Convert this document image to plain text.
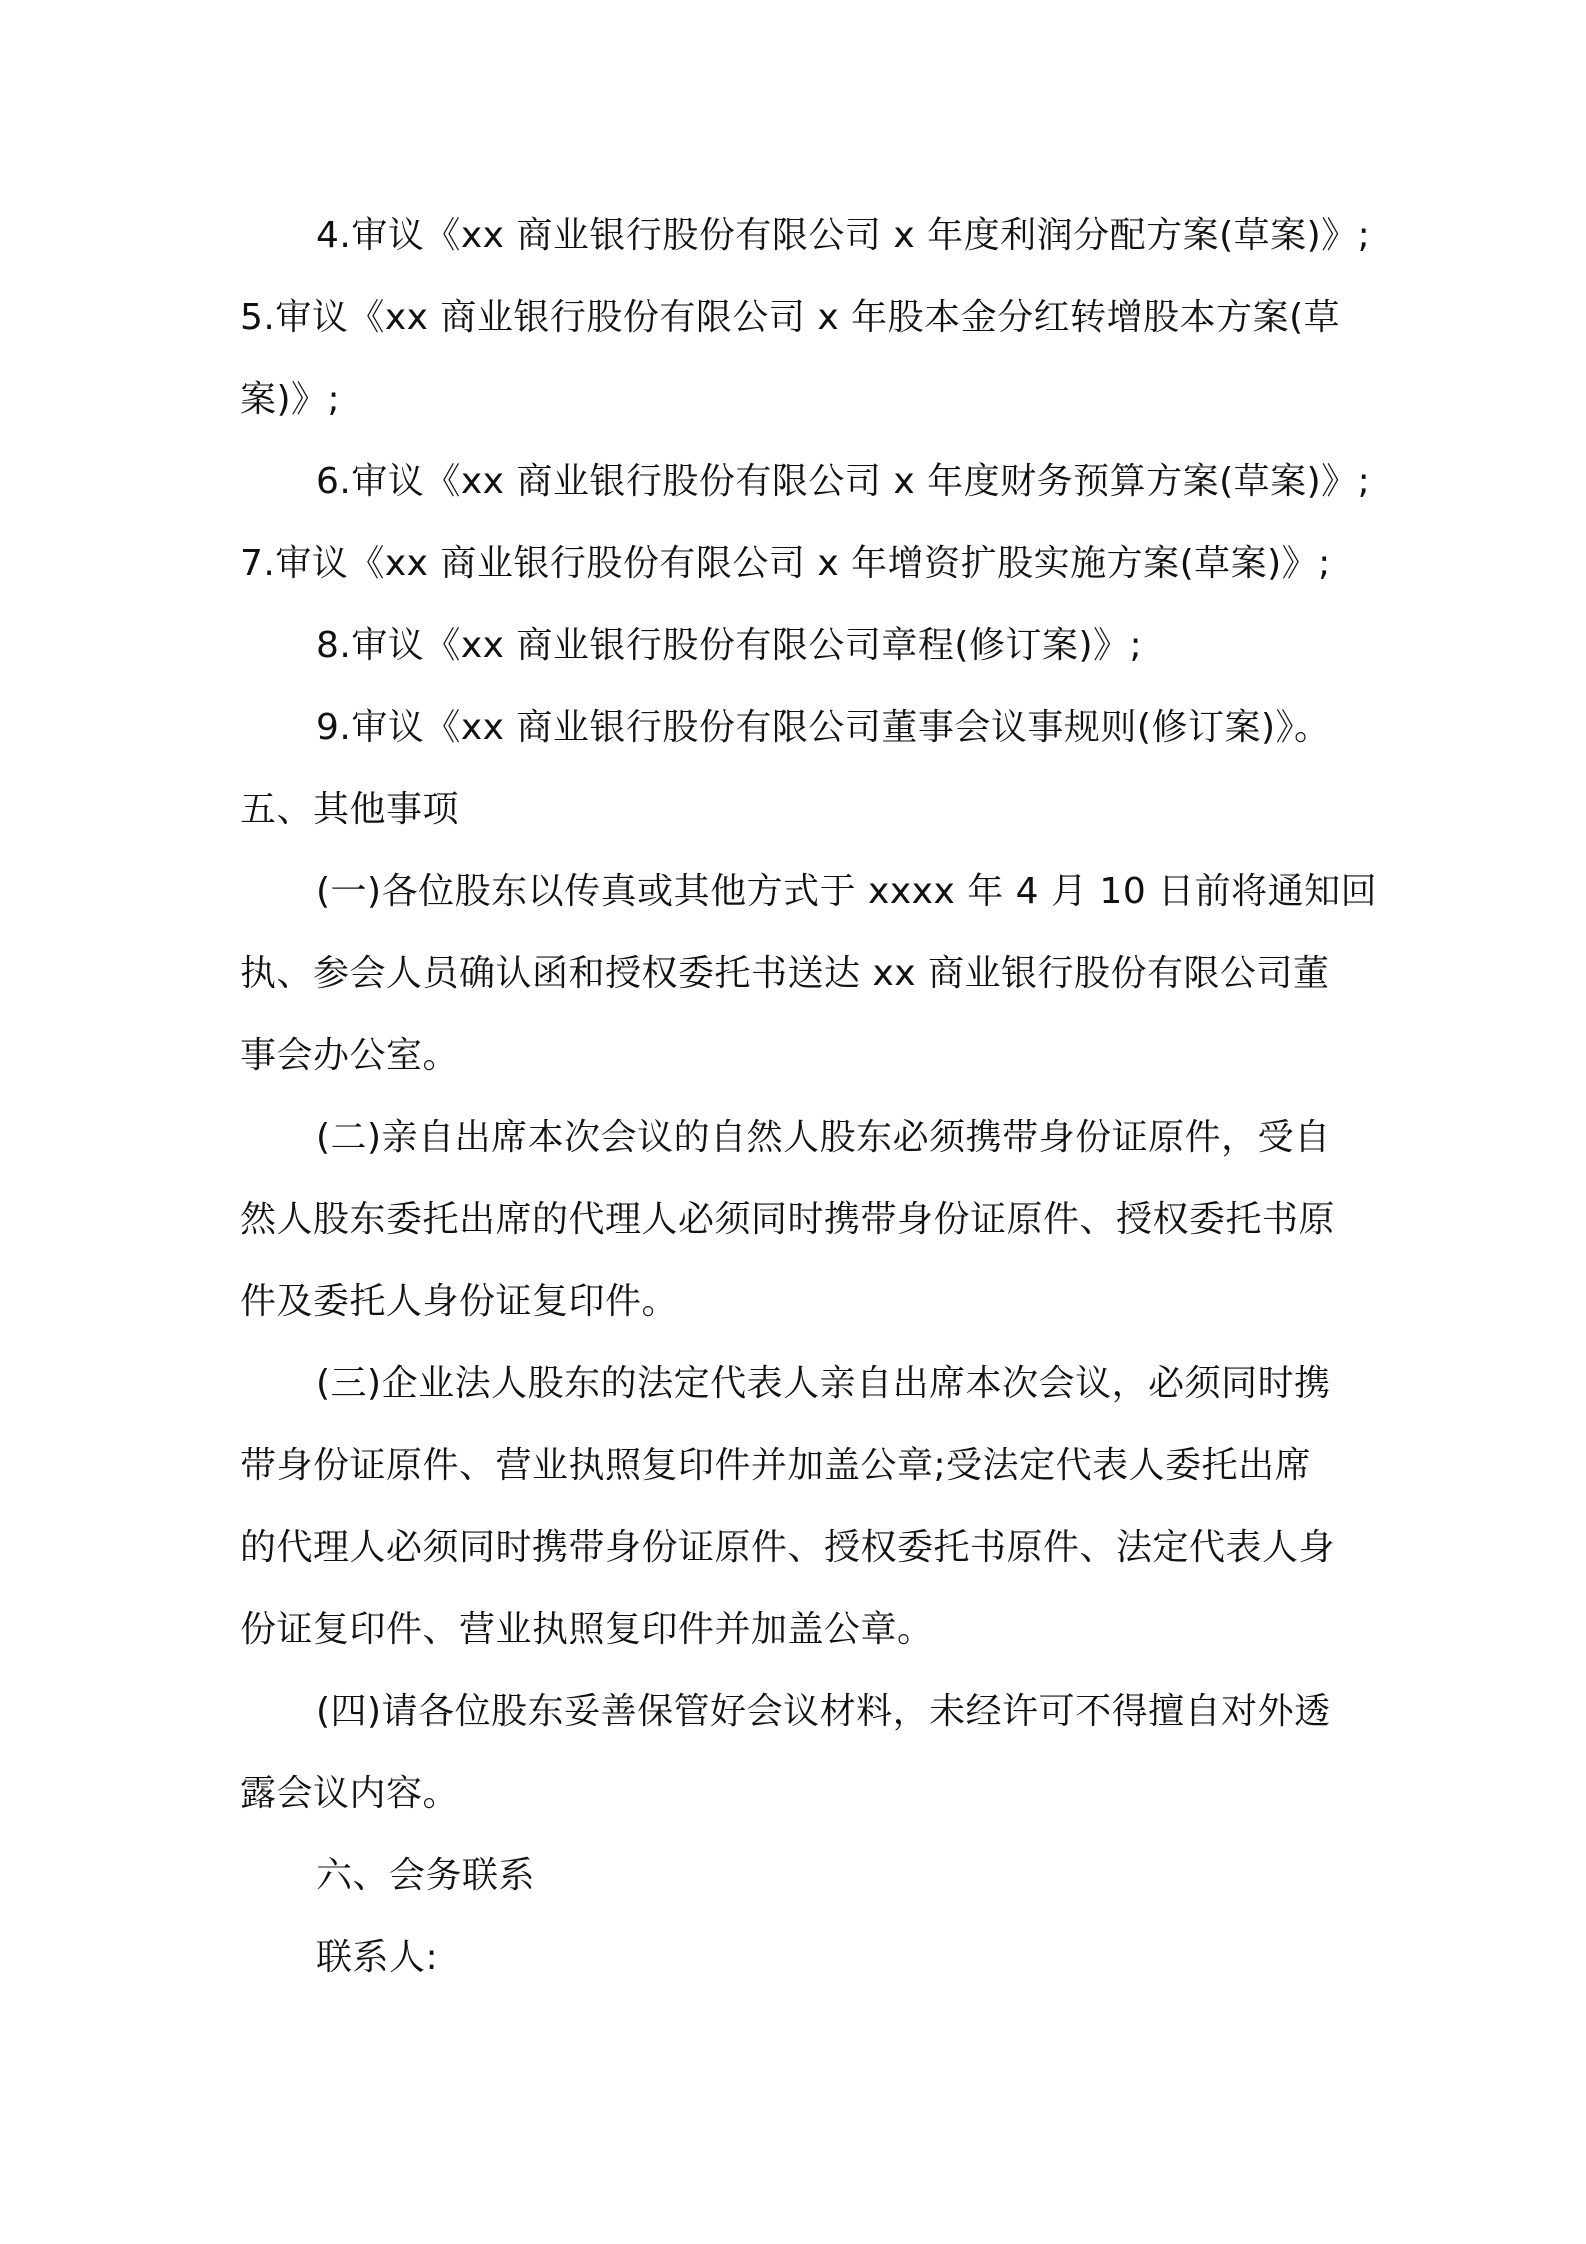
4.审议《xx 商业银行股份有限公司 x 年度利润分配方案(草案)》;

5.审议《xx 商业银行股份有限公司 x 年股本金分红转增股本方案(草

案)》;

6.审议《xx 商业银行股份有限公司 x 年度财务预算方案(草案)》;

7.审议《xx 商业银行股份有限公司 x 年增资扩股实施方案(草案)》;

8.审议《xx 商业银行股份有限公司章程(修订案)》;

9.审议《xx 商业银行股份有限公司董事会议事规则(修订案)》。

五、其他事项

(一)各位股东以传真或其他方式于 xxxx 年 4 月 10 日前将通知回

执、参会人员确认函和授权委托书送达 xx 商业银行股份有限公司董

事会办公室。

(二)亲自出席本次会议的自然人股东必须携带身份证原件，受自

然人股东委托出席的代理人必须同时携带身份证原件、授权委托书原

件及委托人身份证复印件。

(三)企业法人股东的法定代表人亲自出席本次会议，必须同时携

带身份证原件、营业执照复印件并加盖公章;受法定代表人委托出席

的代理人必须同时携带身份证原件、授权委托书原件、法定代表人身

份证复印件、营业执照复印件并加盖公章。

(四)请各位股东妥善保管好会议材料，未经许可不得擅自对外透

露会议内容。

六、会务联系

联系人:
